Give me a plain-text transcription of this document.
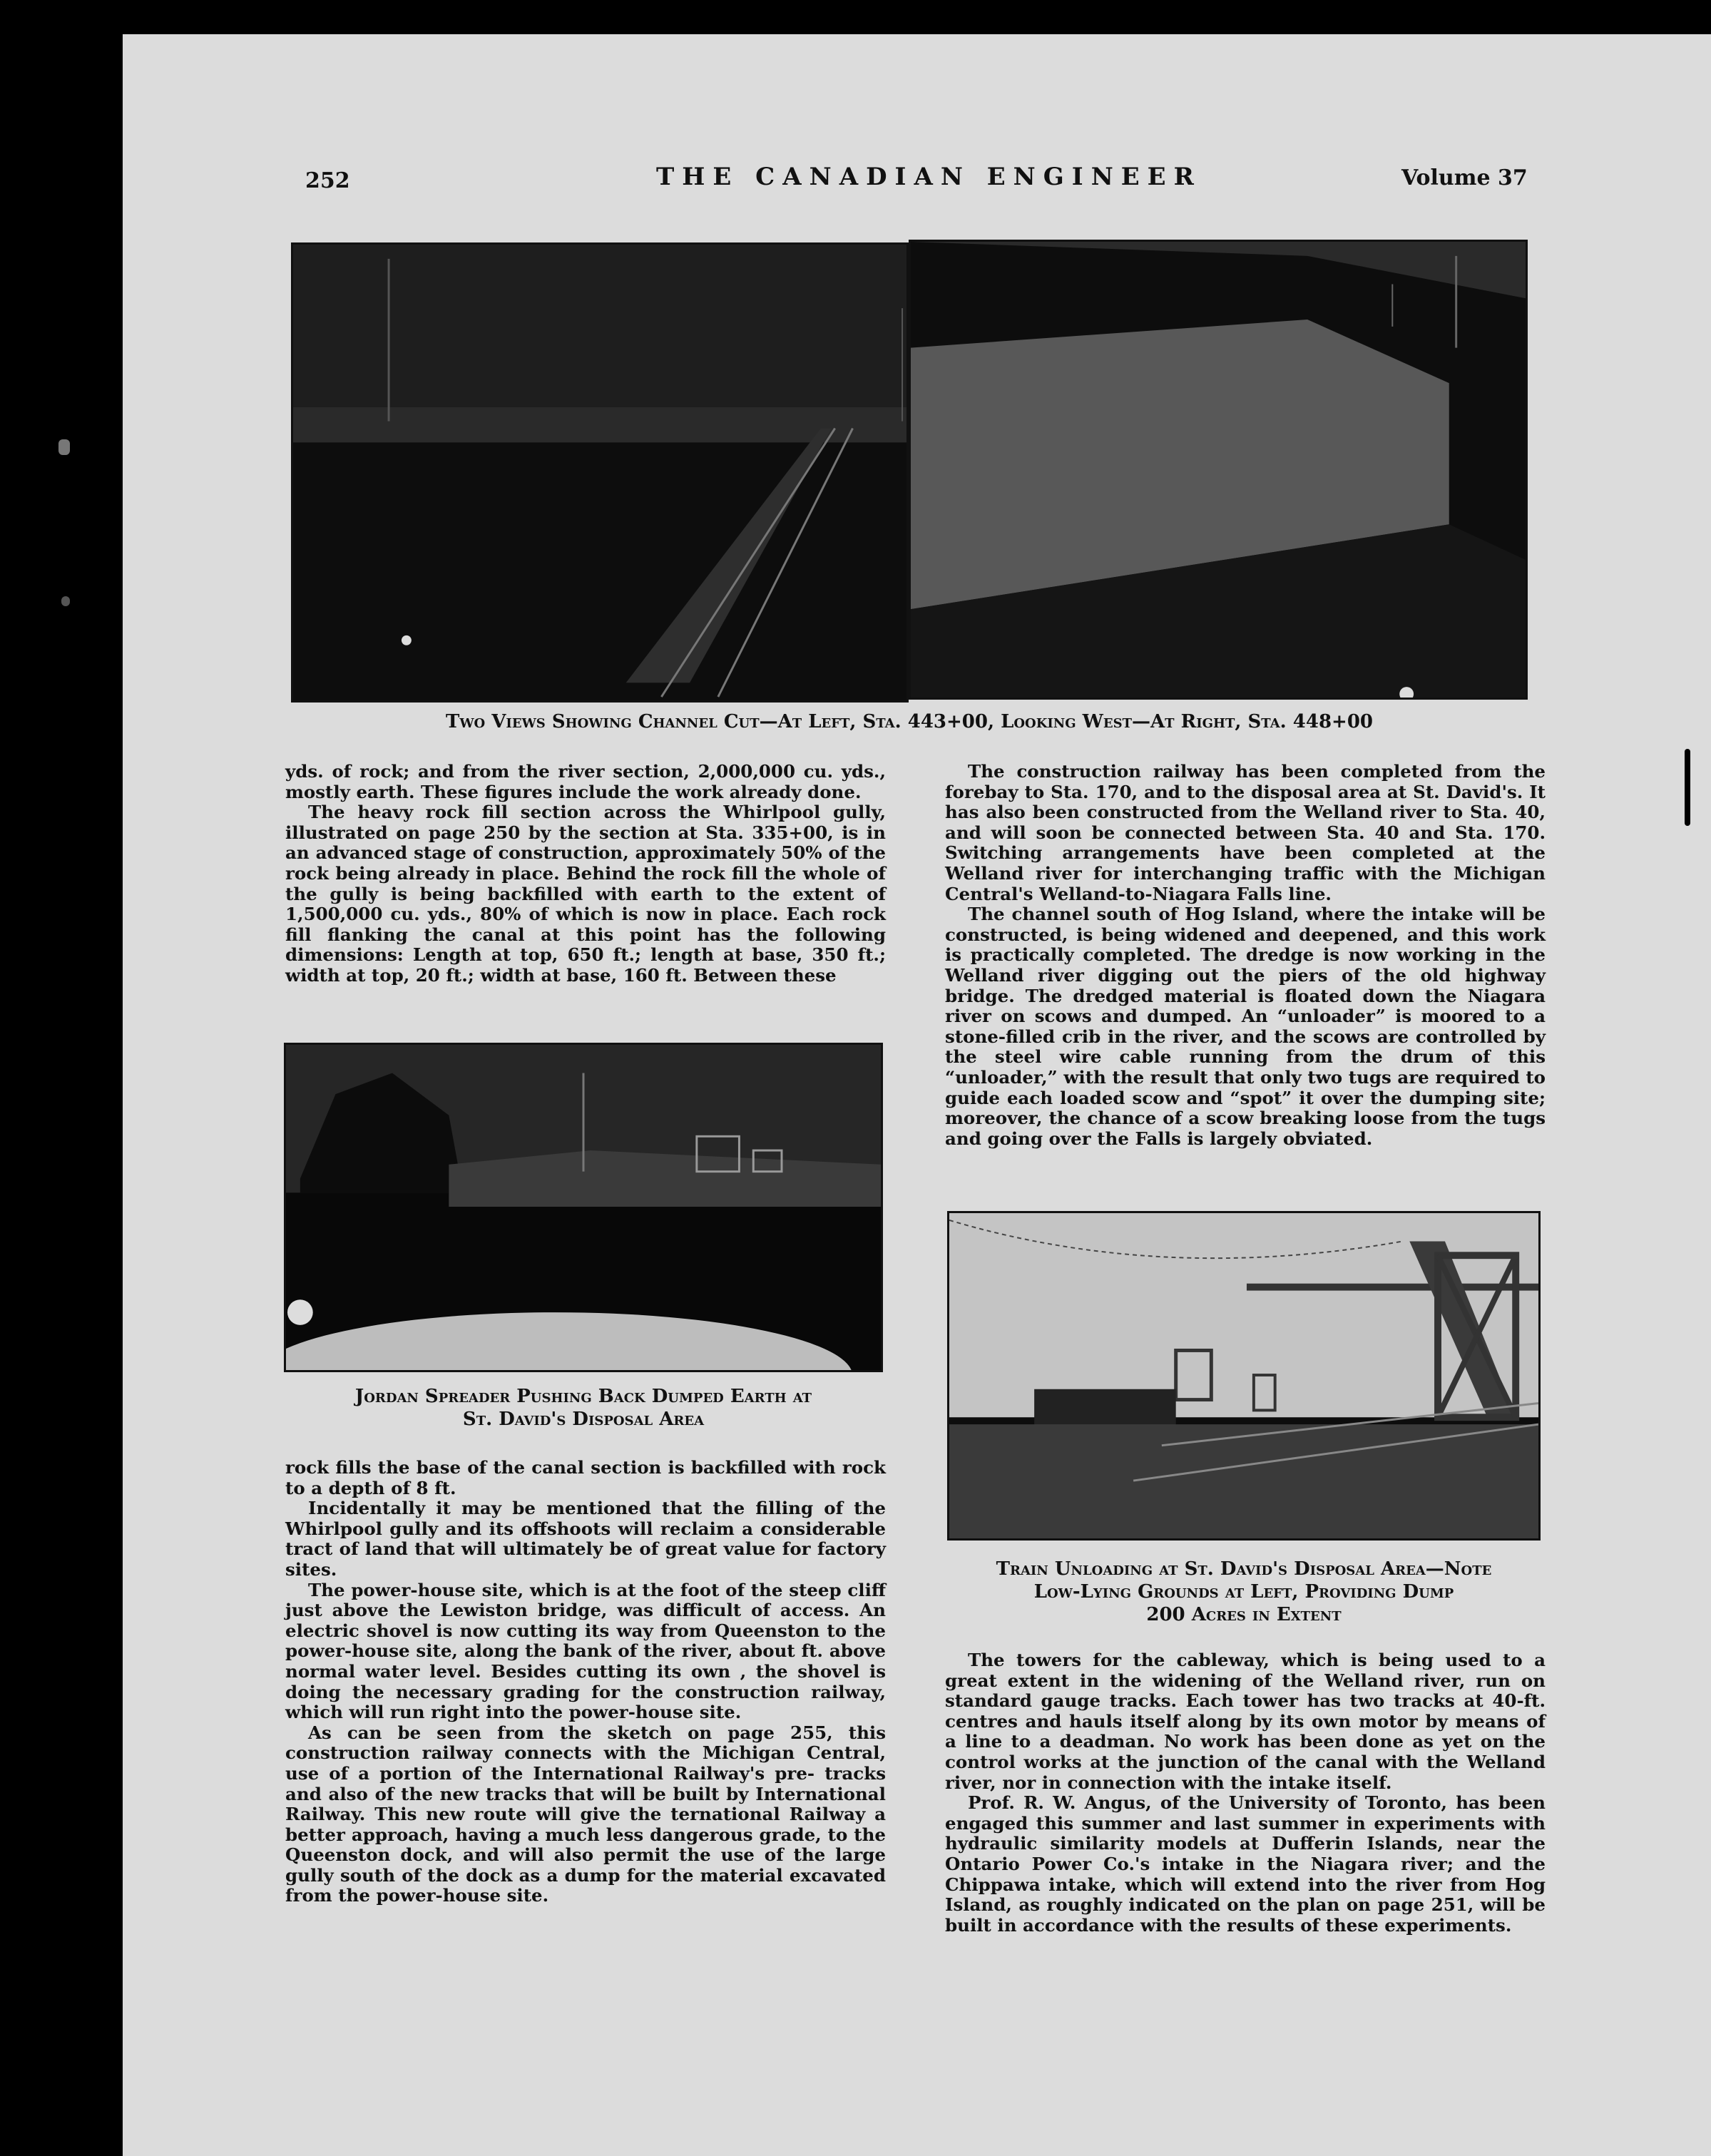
252	THE CANADIAN ENGINEER	Volume 37
Two Views Showing Channel Cut—At Left, Sta. 443+00, Looking West—At Right, Sta. 448+00

yds. of rock; and from the river section, 2,000,000 cu. yds., mostly earth. These figures include the work already done.

The heavy rock fill section across the Whirlpool gully, illustrated on page 250 by the section at Sta. 335+00, is in an advanced stage of construction, approximately 50% of the rock being already in place. Behind the rock fill the whole of the gully is being backfilled with earth to the extent of 1,500,000 cu. yds., 80% of which is now in place. Each rock fill flanking the canal at this point has the following dimensions: Length at top, 650 ft.; length at base, 350 ft.; width at top, 20 ft.; width at base, 160 ft. Between these

Jordan Spreader Pushing Back Dumped Earth at
St. David's Disposal Area

rock fills the base of the canal section is backfilled with rock to a depth of 8 ft.

Incidentally it may be mentioned that the filling of the Whirlpool gully and its offshoots will reclaim a considerable tract of land that will ultimately be of great value for factory sites.

The power-house site, which is at the foot of the steep cliff just above the Lewiston bridge, was difficult of access. An electric shovel is now cutting its way from Queenston to the power-house site, along the bank of the river, about ft. above normal water level. Besides cutting its own , the shovel is doing the necessary grading for the construction railway, which will run right into the power-house site.

As can be seen from the sketch on page 255, this construction railway connects with the Michigan Central, use of a portion of the International Railway's pre- tracks and also of the new tracks that will be built by International Railway. This new route will give the ternational Railway a better approach, having a much less dangerous grade, to the Queenston dock, and will also permit the use of the large gully south of the dock as a dump for the material excavated from the power-house site.

The construction railway has been completed from the forebay to Sta. 170, and to the disposal area at St. David's. It has also been constructed from the Welland river to Sta. 40, and will soon be connected between Sta. 40 and Sta. 170. Switching arrangements have been completed at the Welland river for interchanging traffic with the Michigan Central's Welland-to-Niagara Falls line.

The channel south of Hog Island, where the intake will be constructed, is being widened and deepened, and this work is practically completed. The dredge is now working in the Welland river digging out the piers of the old highway bridge. The dredged material is floated down the Niagara river on scows and dumped. An “unloader” is moored to a stone-filled crib in the river, and the scows are controlled by the steel wire cable running from the drum of this “unloader,” with the result that only two tugs are required to guide each loaded scow and “spot” it over the dumping site; moreover, the chance of a scow breaking loose from the tugs and going over the Falls is largely obviated.

Train Unloading at St. David's Disposal Area—Note
Low-Lying Grounds at Left, Providing Dump
200 Acres in Extent

The towers for the cableway, which is being used to a great extent in the widening of the Welland river, run on standard gauge tracks. Each tower has two tracks at 40-ft. centres and hauls itself along by its own motor by means of a line to a deadman. No work has been done as yet on the control works at the junction of the canal with the Welland river, nor in connection with the intake itself.

Prof. R. W. Angus, of the University of Toronto, has been engaged this summer and last summer in experiments with hydraulic similarity models at Dufferin Islands, near the Ontario Power Co.'s intake in the Niagara river; and the Chippawa intake, which will extend into the river from Hog Island, as roughly indicated on the plan on page 251, will be built in accordance with the results of these experiments.
